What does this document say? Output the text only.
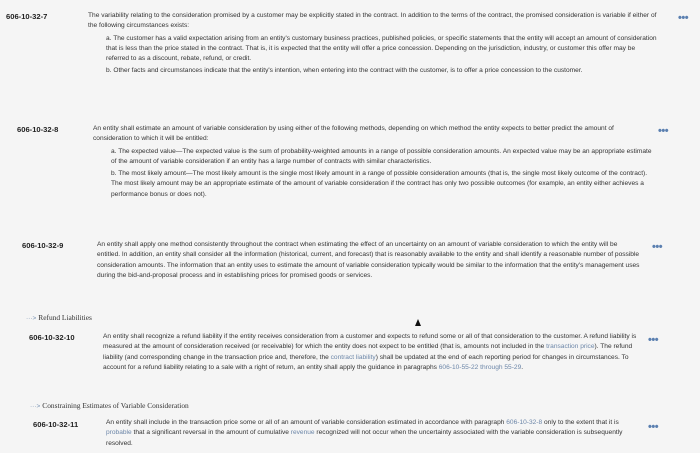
606-10-32-7	The variability relating to the consideration promised by a customer may be explicitly stated in the contract. In addition to the terms of the contract, the promised consideration is variable if either of the following circumstances exists:

a. The customer has a valid expectation arising from an entity's customary business practices, published policies, or specific statements that the entity will accept an amount of consideration that is less than the price stated in the contract. That is, it is expected that the entity will offer a price concession. Depending on the jurisdiction, industry, or customer this offer may be referred to as a discount, rebate, refund, or credit.

b. Other facts and circumstances indicate that the entity's intention, when entering into the contract with the customer, is to offer a price concession to the customer.

•••
606-10-32-8	An entity shall estimate an amount of variable consideration by using either of the following methods, depending on which method the entity expects to better predict the amount of consideration to which it will be entitled:

a. The expected value—The expected value is the sum of probability-weighted amounts in a range of possible consideration amounts. An expected value may be an appropriate estimate of the amount of variable consideration if an entity has a large number of contracts with similar characteristics.

b. The most likely amount—The most likely amount is the single most likely amount in a range of possible consideration amounts (that is, the single most likely outcome of the contract). The most likely amount may be an appropriate estimate of the amount of variable consideration if the contract has only two possible outcomes (for example, an entity either achieves a performance bonus or does not).

•••
606-10-32-9	An entity shall apply one method consistently throughout the contract when estimating the effect of an uncertainty on an amount of variable consideration to which the entity will be entitled. In addition, an entity shall consider all the information (historical, current, and forecast) that is reasonably available to the entity and shall identify a reasonable number of possible consideration amounts. The information that an entity uses to estimate the amount of variable consideration typically would be similar to the information that the entity's management uses during the bid-and-proposal process and in establishing prices for promised goods or services.

•••
···> Refund Liabilities
606-10-32-10	An entity shall recognize a refund liability if the entity receives consideration from a customer and expects to refund some or all of that consideration to the customer. A refund liability is measured at the amount of consideration received (or receivable) for which the entity does not expect to be entitled (that is, amounts not included in the transaction price). The refund liability (and corresponding change in the transaction price and, therefore, the contract liability) shall be updated at the end of each reporting period for changes in circumstances. To account for a refund liability relating to a sale with a right of return, an entity shall apply the guidance in paragraphs 606-10-55-22 through 55-29.

•••
···> Constraining Estimates of Variable Consideration
606-10-32-11	An entity shall include in the transaction price some or all of an amount of variable consideration estimated in accordance with paragraph 606-10-32-8 only to the extent that it is probable that a significant reversal in the amount of cumulative revenue recognized will not occur when the uncertainty associated with the variable consideration is subsequently resolved.

•••
